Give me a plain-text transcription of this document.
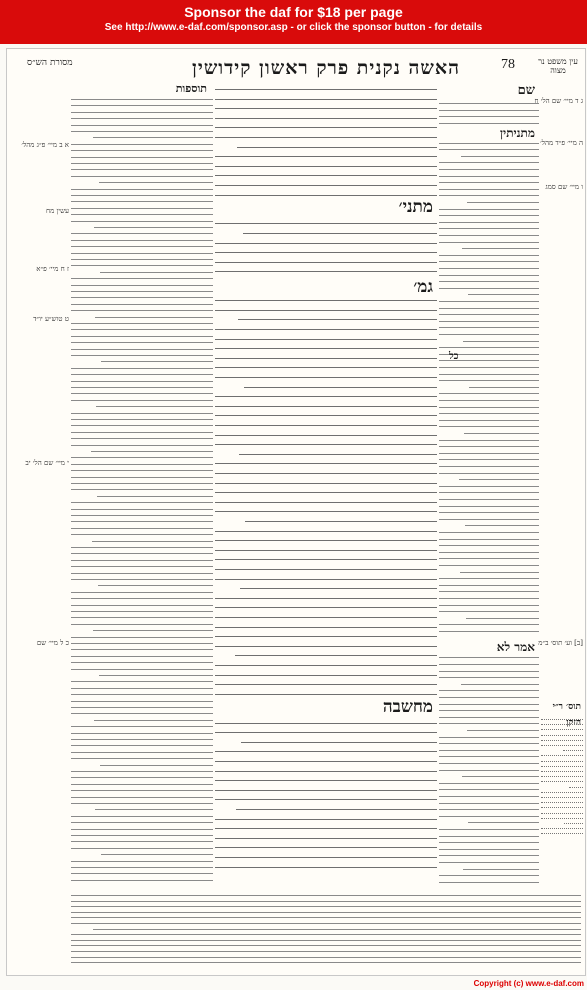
Sponsor the daf for $18 per page
See http://www.e-daf.com/sponsor.asp - or click the sponsor button - for details
78
האשה נקנית פרק ראשון קידושין
מסורת הש״ס	עין משפט נר מצוה
א ב מיי׳ פ״ג מהל׳
עשין מח
ז ח מיי׳ פ״א
ט טוש״ע יו״ד
י מיי׳ שם הל׳ יב
כ ל מיי׳ שם
תוספות
מתני׳
גמ׳
מחשבה
שם
מתניתין
אמר לא
ג ד מיי׳ שם הל׳ ח
ה מיי׳ פ״ד מהל׳
ו מיי׳ שם סמג
[ב] וע׳ תוס׳ ב״מ
תוס׳ ר״י הזקן
כל
Copyright (c) www.e-daf.com
